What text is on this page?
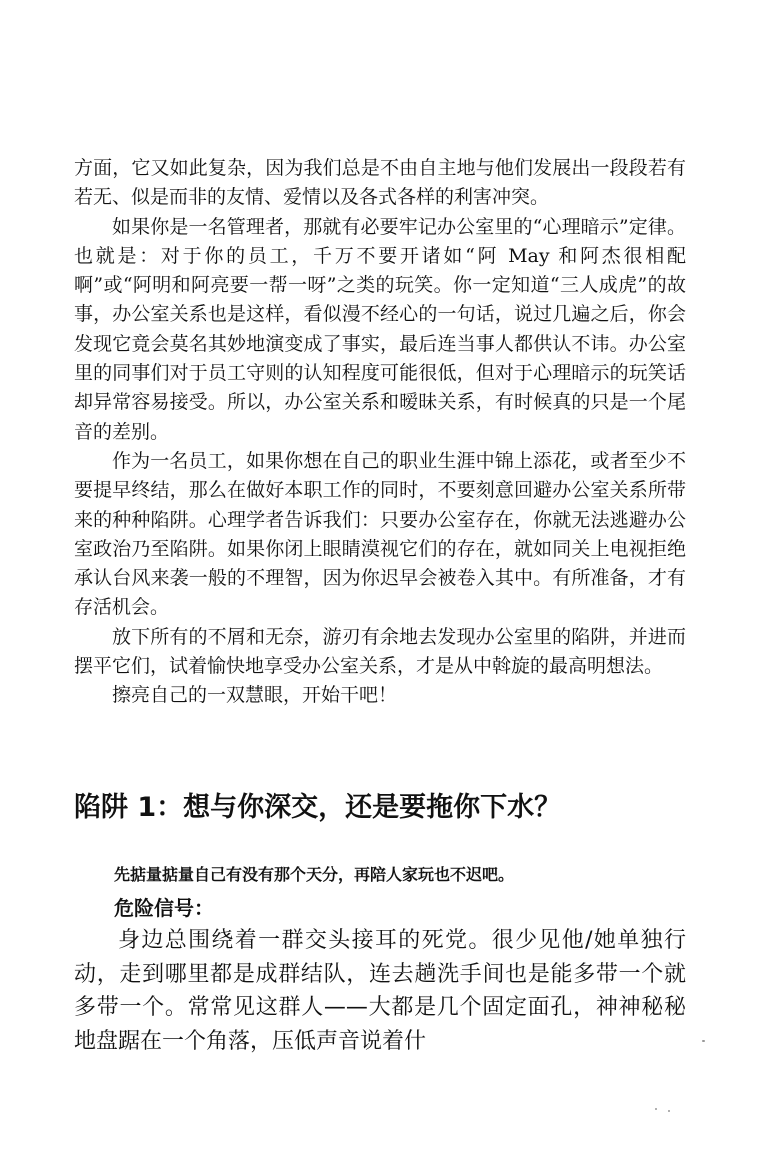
方面，它又如此复杂，因为我们总是不由自主地与他们发展出一段段若有若无、似是而非的友情、爱情以及各式各样的利害冲突。

如果你是一名管理者，那就有必要牢记办公室里的“心理暗示”定律。也就是：对于你的员工，千万不要开诸如“阿 May 和阿杰很相配啊”或“阿明和阿亮要一帮一呀”之类的玩笑。你一定知道“三人成虎”的故事，办公室关系也是这样，看似漫不经心的一句话，说过几遍之后，你会发现它竟会莫名其妙地演变成了事实，最后连当事人都供认不讳。办公室里的同事们对于员工守则的认知程度可能很低，但对于心理暗示的玩笑话却异常容易接受。所以，办公室关系和暧昧关系，有时候真的只是一个尾音的差别。

作为一名员工，如果你想在自己的职业生涯中锦上添花，或者至少不要提早终结，那么在做好本职工作的同时，不要刻意回避办公室关系所带来的种种陷阱。心理学者告诉我们：只要办公室存在，你就无法逃避办公室政治乃至陷阱。如果你闭上眼睛漠视它们的存在，就如同关上电视拒绝承认台风来袭一般的不理智，因为你迟早会被卷入其中。有所准备，才有存活机会。

放下所有的不屑和无奈，游刃有余地去发现办公室里的陷阱，并进而摆平它们，试着愉快地享受办公室关系，才是从中斡旋的最高明想法。

擦亮自己的一双慧眼，开始干吧！

陷阱 1：想与你深交，还是要拖你下水？
先掂量掂量自己有没有那个天分，再陪人家玩也不迟吧。
危险信号：

身边总围绕着一群交头接耳的死党。很少见他/她单独行动，走到哪里都是成群结队，连去趟洗手间也是能多带一个就多带一个。常常见这群人——大都是几个固定面孔，神神秘秘地盘踞在一个角落，压低声音说着什
